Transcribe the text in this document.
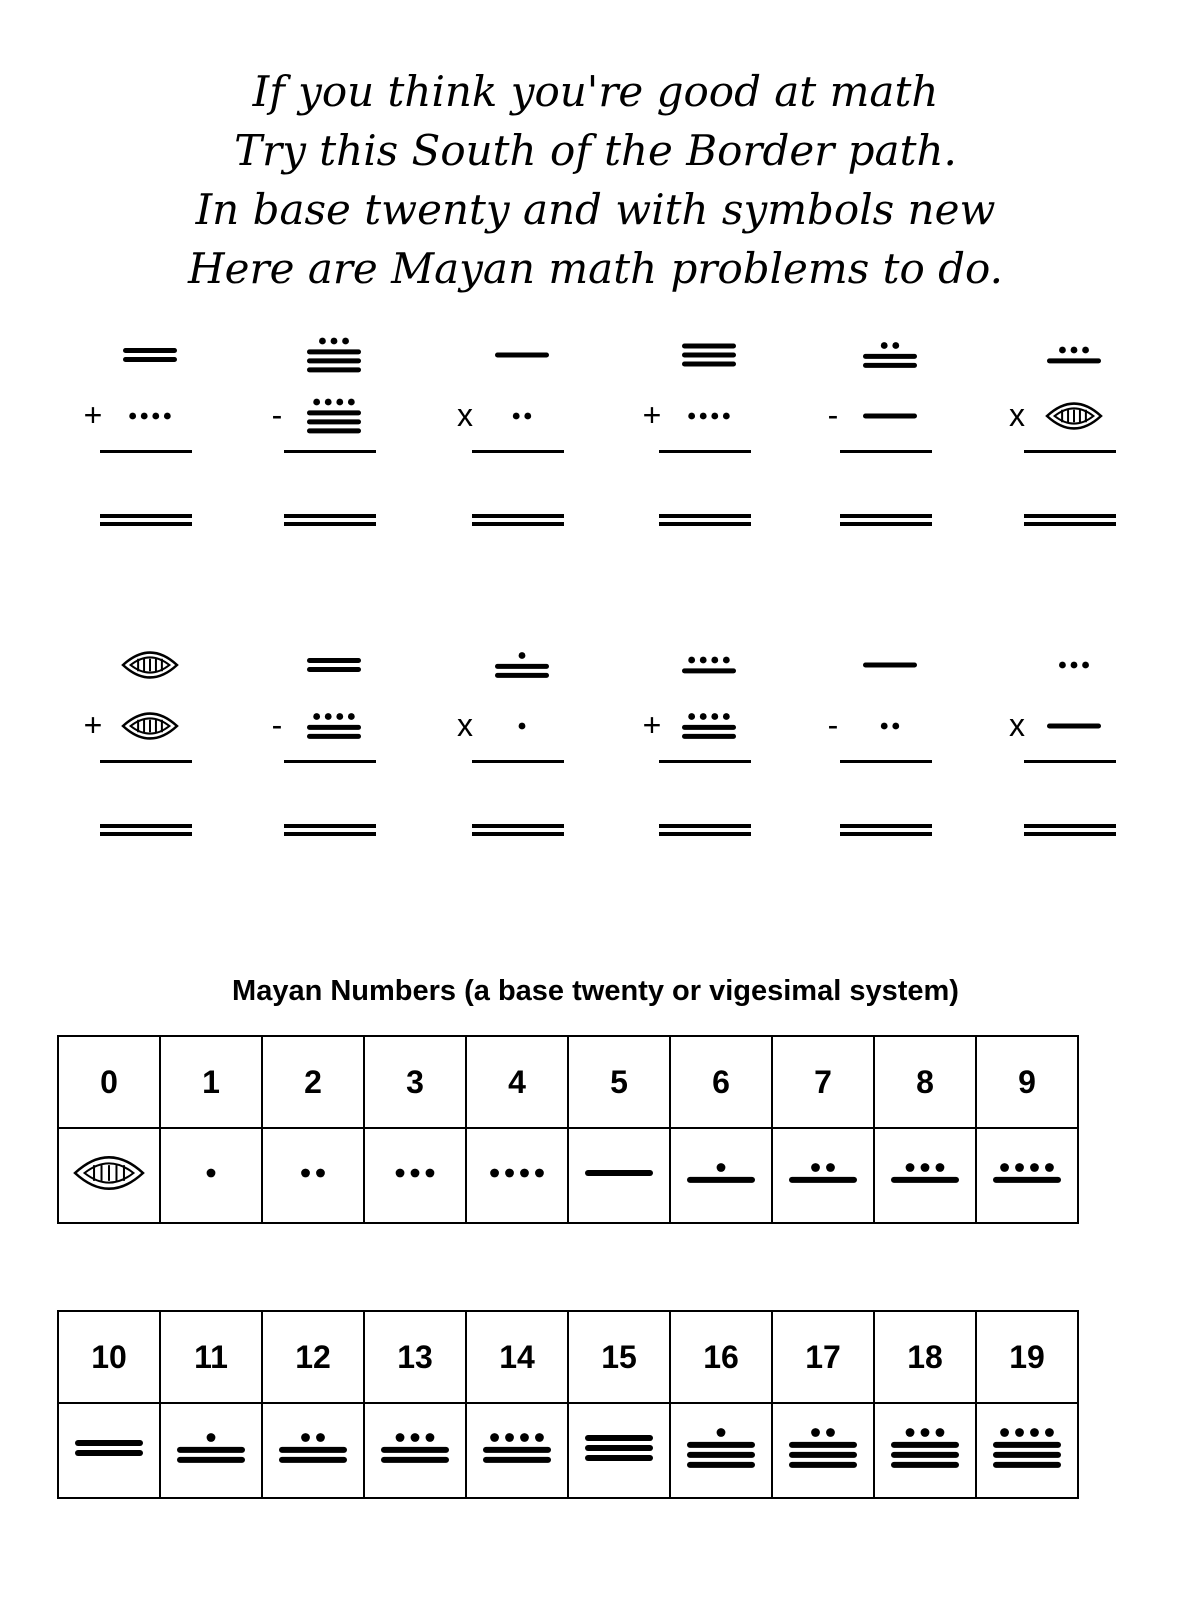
If you think you're good at math
Try this South of the Border path.
In base twenty and with symbols new
Here are Mayan math problems to do.
+	-	x	+	-	x
+	-	x	+	-	x
Mayan Numbers (a base twenty or vigesimal system)
0	1	2	3	4	5	6	7	8	9

10	11	12	13	14	15	16	17	18	19
